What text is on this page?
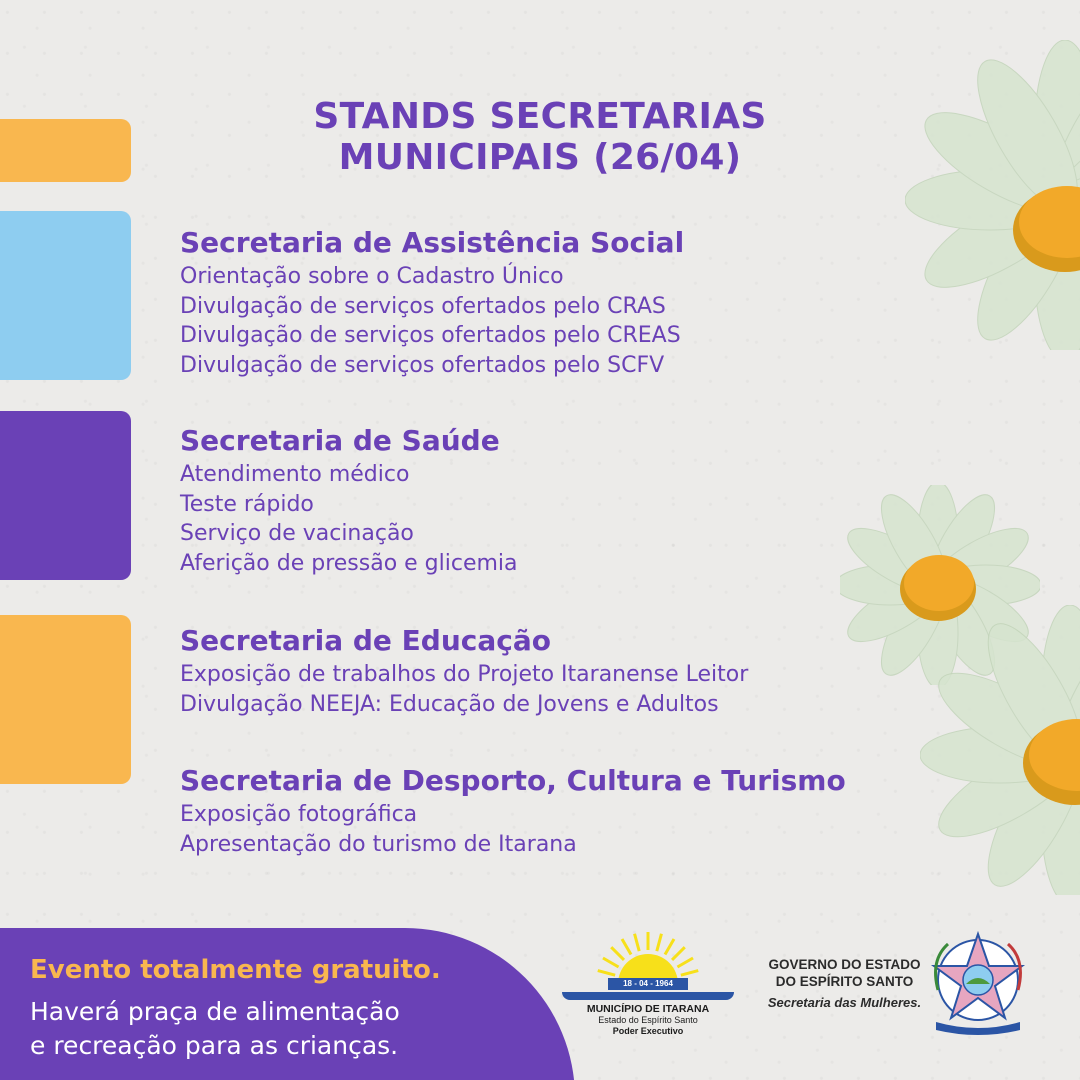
STANDS SECRETARIAS
MUNICIPAIS (26/04)
Secretaria de Assistência Social
Orientação sobre o Cadastro Único
Divulgação de serviços ofertados pelo CRAS
Divulgação de serviços ofertados pelo CREAS
Divulgação de serviços ofertados pelo SCFV
Secretaria de Saúde
Atendimento médico
Teste rápido
Serviço de vacinação
Aferição de pressão e glicemia
Secretaria de Educação
Exposição de trabalhos do Projeto Itaranense Leitor
Divulgação NEEJA: Educação de Jovens e Adultos
Secretaria de Desporto, Cultura e Turismo
Exposição fotográfica
Apresentação do turismo de Itarana
Evento totalmente gratuito.
Haverá praça de alimentação
e recreação para as crianças.
18 - 04 - 1964
MUNICÍPIO DE ITARANA
Estado do Espírito Santo
Poder Executivo
GOVERNO DO ESTADO
DO ESPÍRITO SANTO
Secretaria das Mulheres.
